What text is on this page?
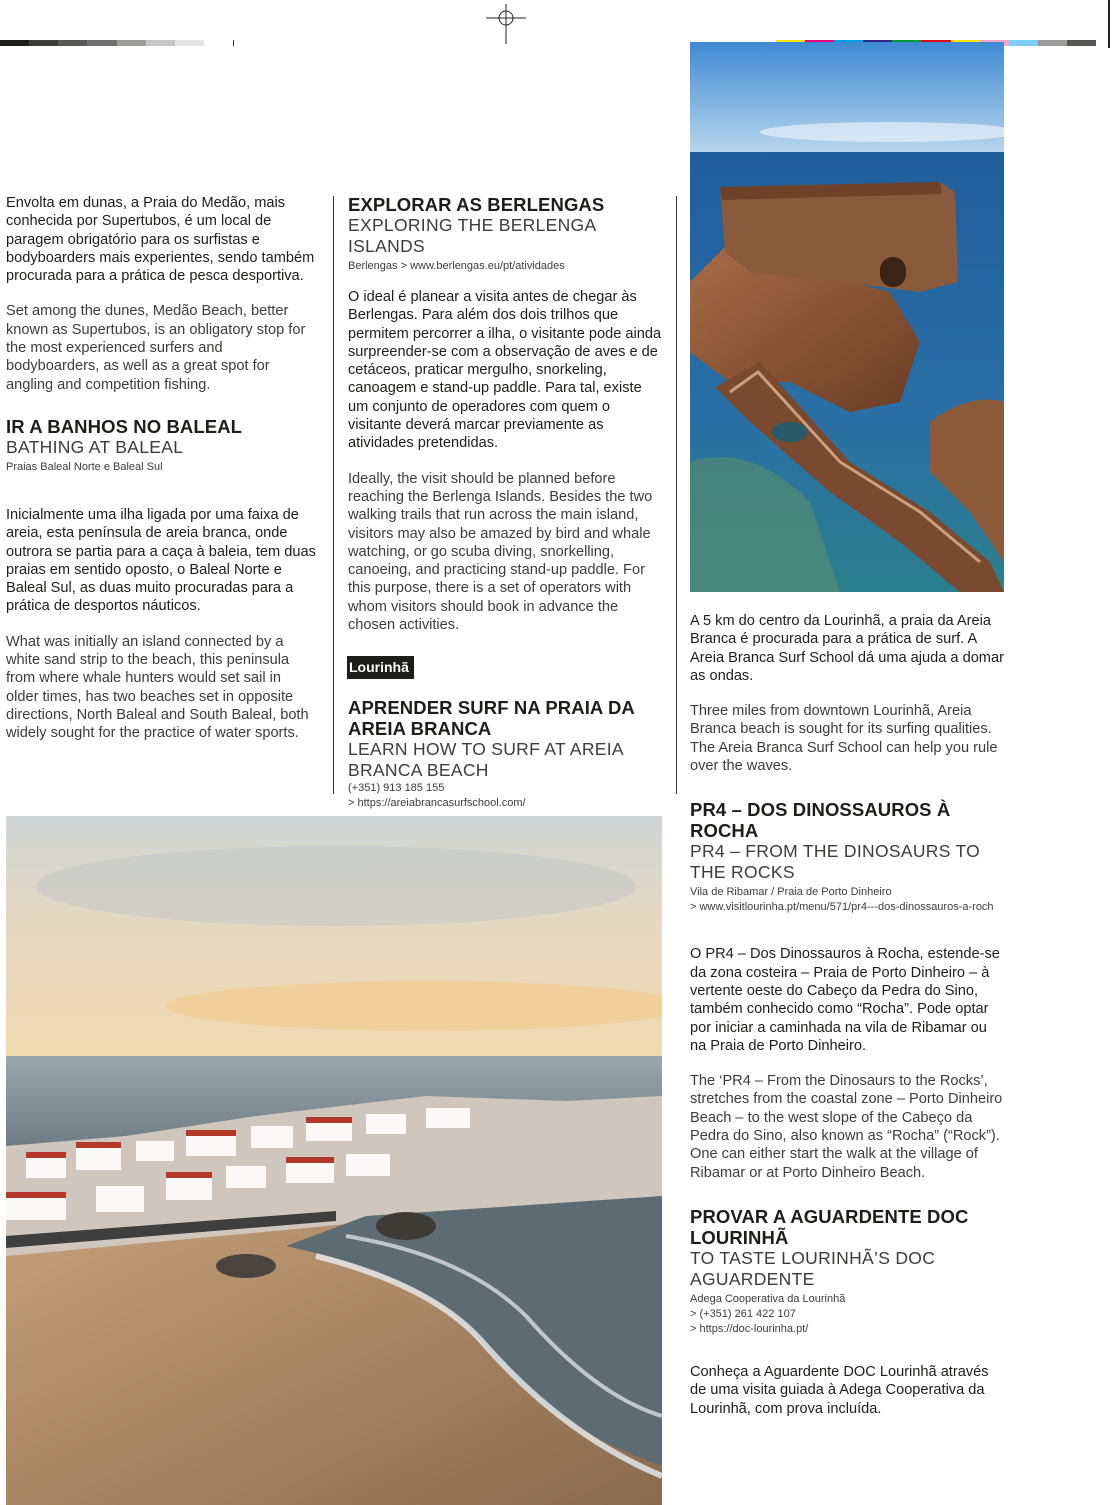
Envolta em dunas, a Praia do Medão, mais conhecida por Supertubos, é um local de paragem obrigatório para os surfistas e bodyboarders mais experientes, sendo também procurada para a prática de pesca desportiva.

Set among the dunes, Medão Beach, better known as Supertubos, is an obligatory stop for the most experienced surfers and bodyboarders, as well as a great spot for angling and competition fishing.

IR A BANHOS NO BALEAL
BATHING AT BALEAL
Praias Baleal Norte e Baleal Sul

Inicialmente uma ilha ligada por uma faixa de areia, esta península de areia branca, onde outrora se partia para a caça à baleia, tem duas praias em sentido oposto, o Baleal Norte e Baleal Sul, as duas muito procuradas para a prática de desportos náuticos.

What was initially an island connected by a white sand strip to the beach, this peninsula from where whale hunters would set sail in older times, has two beaches set in opposite directions, North Baleal and South Baleal, both widely sought for the practice of water sports.

EXPLORAR AS BERLENGAS
EXPLORING THE BERLENGA ISLANDS
Berlengas > www.berlengas.eu/pt/atividades

O ideal é planear a visita antes de chegar às Berlengas. Para além dos dois trilhos que permitem percorrer a ilha, o visitante pode ainda surpreender-se com a observação de aves e de cetáceos, praticar mergulho, snorkeling, canoagem e stand-up paddle. Para tal, existe um conjunto de operadores com quem o visitante deverá marcar previamente as atividades pretendidas.

Ideally, the visit should be planned before reaching the Berlenga Islands. Besides the two walking trails that run across the main island, visitors may also be amazed by bird and whale watching, or go scuba diving, snorkelling, canoeing, and practicing stand-up paddle. For this purpose, there is a set of operators with whom visitors should book in advance the chosen activities.

Lourinhã
APRENDER SURF NA PRAIA DA AREIA BRANCA
LEARN HOW TO SURF AT AREIA BRANCA BEACH
(+351) 913 185 155
> https://areiabrancasurfschool.com/

A 5 km do centro da Lourinhã, a praia da Areia Branca é procurada para a prática de surf. A Areia Branca Surf School dá uma ajuda a domar as ondas.

Three miles from downtown Lourinhã, Areia Branca beach is sought for its surfing qualities. The Areia Branca Surf School can help you rule over the waves.

PR4 – DOS DINOSSAUROS À ROCHA
PR4 – FROM THE DINOSAURS TO THE ROCKS
Vila de Ribamar / Praia de Porto Dinheiro
> www.visitlourinha.pt/menu/571/pr4---dos-dinossauros-a-roch

O PR4 – Dos Dinossauros à Rocha, estende-se da zona costeira – Praia de Porto Dinheiro – à vertente oeste do Cabeço da Pedra do Sino, também conhecido como “Rocha”. Pode optar por iniciar a caminhada na vila de Ribamar ou na Praia de Porto Dinheiro.

The ‘PR4 – From the Dinosaurs to the Rocks’, stretches from the coastal zone – Porto Dinheiro Beach – to the west slope of the Cabeço da Pedra do Sino, also known as “Rocha” (“Rock”). One can either start the walk at the village of Ribamar or at Porto Dinheiro Beach.

PROVAR A AGUARDENTE DOC LOURINHÃ
TO TASTE LOURINHÃ’S DOC AGUARDENTE
Adega Cooperativa da Lourinhã
> (+351) 261 422 107
> https://doc-lourinha.pt/

Conheça a Aguardente DOC Lourinhã através de uma visita guiada à Adega Cooperativa da Lourinhã, com prova incluída.
